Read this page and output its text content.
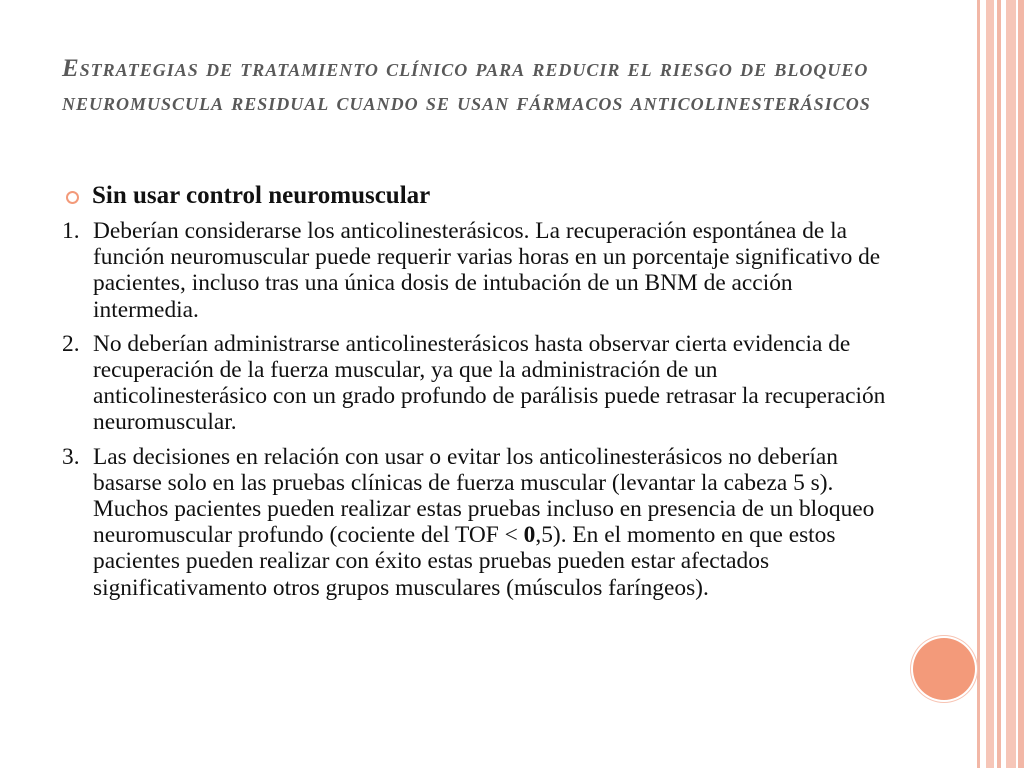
Estrategias de tratamiento clínico para reducir el riesgo de bloqueo neuromuscula residual cuando se usan fármacos anticolinesterásicos
Sin usar control neuromuscular
1. Deberían considerarse los anticolinesterásicos. La recuperación espontánea de la función neuromuscular puede requerir varias horas en un porcentaje significativo de pacientes, incluso tras una única dosis de intubación de un BNM de acción intermedia.
2. No deberían administrarse anticolinesterásicos hasta observar cierta evidencia de recuperación de la fuerza muscular, ya que la administración de un anticolinesterásico con un grado profundo de parálisis puede retrasar la recuperación neuromuscular.
3. Las decisiones en relación con usar o evitar los anticolinesterásicos no deberían basarse solo en las pruebas clínicas de fuerza muscular (levantar la cabeza 5 s). Muchos pacientes pueden realizar estas pruebas incluso en presencia de un bloqueo neuromuscular profundo (cociente del TOF < 0,5). En el momento en que estos pacientes pueden realizar con éxito estas pruebas pueden estar afectados significativamento otros grupos musculares (músculos faríngeos).
